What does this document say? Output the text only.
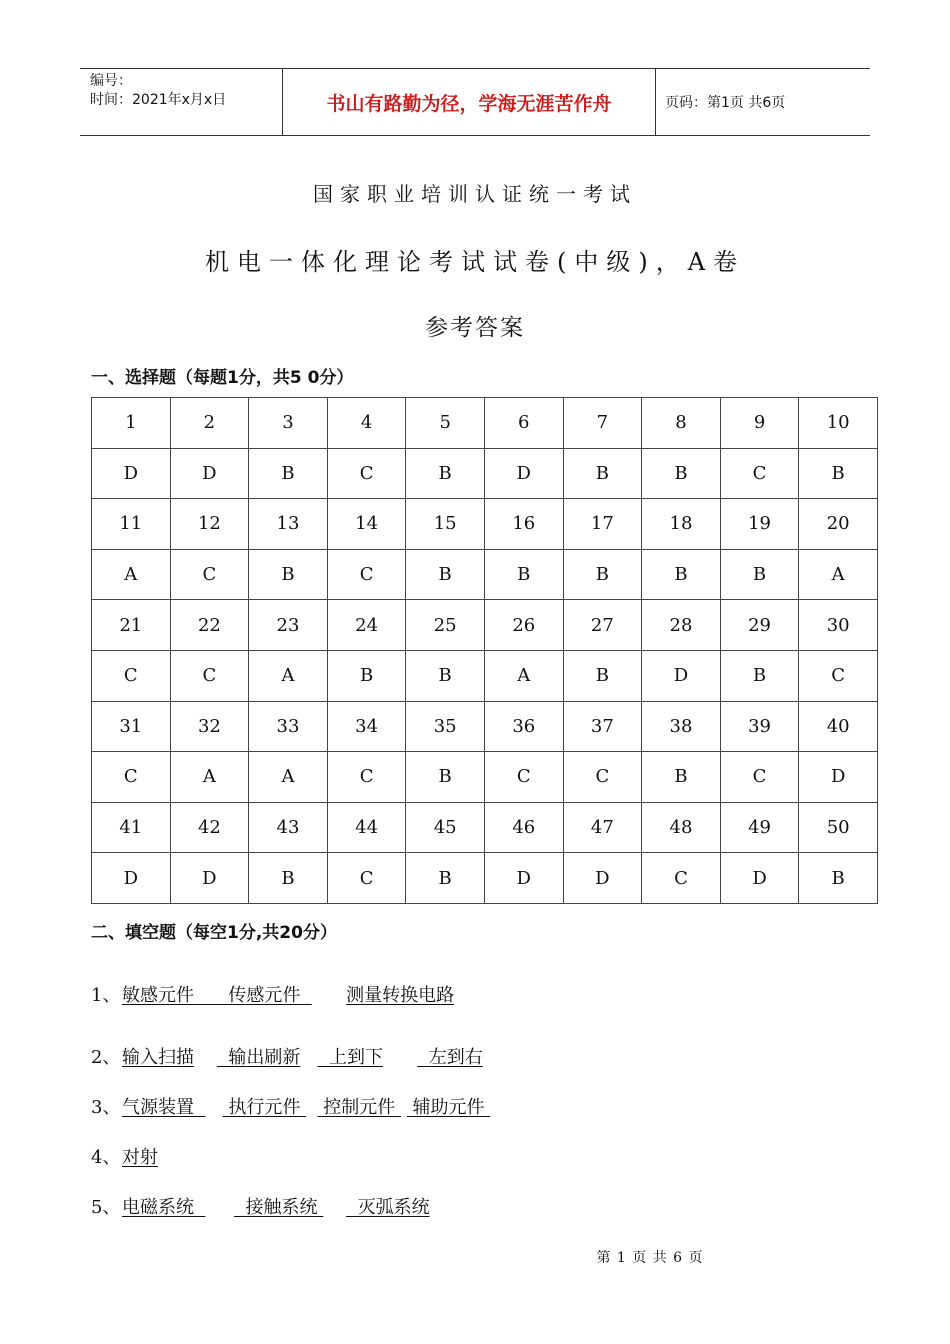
编号：
时间：2021年x月x日	书山有路勤为径，学海无涯苦作舟	页码：第1页 共6页
国家职业培训认证统一考试
机电一体化理论考试试卷(中级)，A卷
参考答案
一、选择题（每题1分，共5 0分）
1	2	3	4	5	6	7	8	9	10
D	D	B	C	B	D	B	B	C	B
11	12	13	14	15	16	17	18	19	20
A	C	B	C	B	B	B	B	B	A
21	22	23	24	25	26	27	28	29	30
C	C	A	B	B	A	B	D	B	C
31	32	33	34	35	36	37	38	39	40
C	A	A	C	B	C	C	B	C	D
41	42	43	44	45	46	47	48	49	50
D	D	B	C	B	D	D	C	D	B
二、填空题（每空1分,共20分）
1、敏感元件 传感元件	测量转换电路
2、输入扫描 输出刷新 上到下	左到右
3、气源装置 执行元件 控制元件 辅助元件
4、对射
5、电磁系统	接触系统 灭弧系统
第 1 页 共 6 页
